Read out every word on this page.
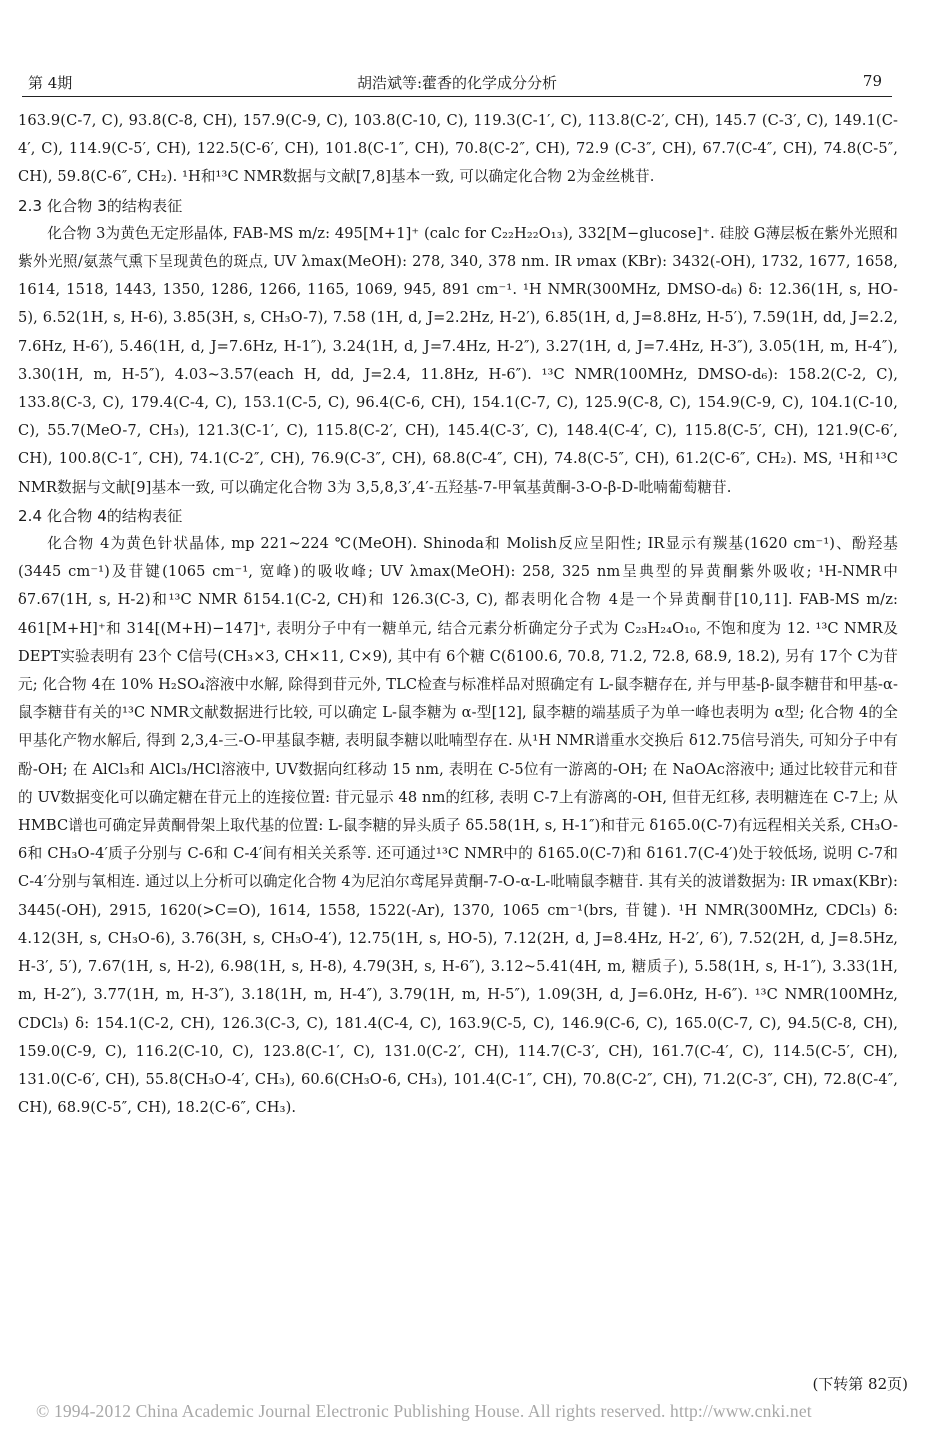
第 4期	胡浩斌等:藿香的化学成分分析	79

163.9(C-7, C), 93.8(C-8, CH), 157.9(C-9, C), 103.8(C-10, C), 119.3(C-1′, C), 113.8(C-2′, CH), 145.7 (C-3′, C), 149.1(C-4′, C), 114.9(C-5′, CH), 122.5(C-6′, CH), 101.8(C-1″, CH), 70.8(C-2″, CH), 72.9 (C-3″, CH), 67.7(C-4″, CH), 74.8(C-5″, CH), 59.8(C-6″, CH₂). ¹H和¹³C NMR数据与文献[7,8]基本一致, 可以确定化合物 2为金丝桃苷.

2.3 化合物 3的结构表征

化合物 3为黄色无定形晶体, FAB-MS m/z: 495[M+1]⁺ (calc for C₂₂H₂₂O₁₃), 332[M−glucose]⁺. 硅胶 G薄层板在紫外光照和紫外光照/氨蒸气熏下呈现黄色的斑点, UV λmax(MeOH): 278, 340, 378 nm. IR νmax (KBr): 3432(-OH), 1732, 1677, 1658, 1614, 1518, 1443, 1350, 1286, 1266, 1165, 1069, 945, 891 cm⁻¹. ¹H NMR(300MHz, DMSO-d₆) δ: 12.36(1H, s, HO-5), 6.52(1H, s, H-6), 3.85(3H, s, CH₃O-7), 7.58 (1H, d, J=2.2Hz, H-2′), 6.85(1H, d, J=8.8Hz, H-5′), 7.59(1H, dd, J=2.2, 7.6Hz, H-6′), 5.46(1H, d, J=7.6Hz, H-1″), 3.24(1H, d, J=7.4Hz, H-2″), 3.27(1H, d, J=7.4Hz, H-3″), 3.05(1H, m, H-4″), 3.30(1H, m, H-5″), 4.03~3.57(each H, dd, J=2.4, 11.8Hz, H-6″). ¹³C NMR(100MHz, DMSO-d₆): 158.2(C-2, C), 133.8(C-3, C), 179.4(C-4, C), 153.1(C-5, C), 96.4(C-6, CH), 154.1(C-7, C), 125.9(C-8, C), 154.9(C-9, C), 104.1(C-10, C), 55.7(MeO-7, CH₃), 121.3(C-1′, C), 115.8(C-2′, CH), 145.4(C-3′, C), 148.4(C-4′, C), 115.8(C-5′, CH), 121.9(C-6′, CH), 100.8(C-1″, CH), 74.1(C-2″, CH), 76.9(C-3″, CH), 68.8(C-4″, CH), 74.8(C-5″, CH), 61.2(C-6″, CH₂). MS, ¹H和¹³C NMR数据与文献[9]基本一致, 可以确定化合物 3为 3,5,8,3′,4′-五羟基-7-甲氧基黄酮-3-O-β-D-吡喃葡萄糖苷.

2.4 化合物 4的结构表征

化合物 4为黄色针状晶体, mp 221~224 ℃(MeOH). Shinoda和 Molish反应呈阳性; IR显示有羰基(1620 cm⁻¹)、酚羟基(3445 cm⁻¹)及苷键(1065 cm⁻¹, 宽峰)的吸收峰; UV λmax(MeOH): 258, 325 nm呈典型的异黄酮紫外吸收; ¹H-NMR中 δ7.67(1H, s, H-2)和¹³C NMR δ154.1(C-2, CH)和 126.3(C-3, C), 都表明化合物 4是一个异黄酮苷[10,11]. FAB-MS m/z: 461[M+H]⁺和 314[(M+H)−147]⁺, 表明分子中有一糖单元, 结合元素分析确定分子式为 C₂₃H₂₄O₁₀, 不饱和度为 12. ¹³C NMR及 DEPT实验表明有 23个 C信号(CH₃×3, CH×11, C×9), 其中有 6个糖 C(δ100.6, 70.8, 71.2, 72.8, 68.9, 18.2), 另有 17个 C为苷元; 化合物 4在 10% H₂SO₄溶液中水解, 除得到苷元外, TLC检查与标准样品对照确定有 L-鼠李糖存在, 并与甲基-β-鼠李糖苷和甲基-α-鼠李糖苷有关的¹³C NMR文献数据进行比较, 可以确定 L-鼠李糖为 α-型[12], 鼠李糖的端基质子为单一峰也表明为 α型; 化合物 4的全甲基化产物水解后, 得到 2,3,4-三-O-甲基鼠李糖, 表明鼠李糖以吡喃型存在. 从¹H NMR谱重水交换后 δ12.75信号消失, 可知分子中有酚-OH; 在 AlCl₃和 AlCl₃/HCl溶液中, UV数据向红移动 15 nm, 表明在 C-5位有一游离的-OH; 在 NaOAc溶液中; 通过比较苷元和苷的 UV数据变化可以确定糖在苷元上的连接位置: 苷元显示 48 nm的红移, 表明 C-7上有游离的-OH, 但苷无红移, 表明糖连在 C-7上; 从 HMBC谱也可确定异黄酮骨架上取代基的位置: L-鼠李糖的异头质子 δ5.58(1H, s, H-1″)和苷元 δ165.0(C-7)有远程相关关系, CH₃O-6和 CH₃O-4′质子分别与 C-6和 C-4′间有相关关系等. 还可通过¹³C NMR中的 δ165.0(C-7)和 δ161.7(C-4′)处于较低场, 说明 C-7和 C-4′分别与氧相连. 通过以上分析可以确定化合物 4为尼泊尔鸢尾异黄酮-7-O-α-L-吡喃鼠李糖苷. 其有关的波谱数据为: IR νmax(KBr): 3445(-OH), 2915, 1620(>C=O), 1614, 1558, 1522(-Ar), 1370, 1065 cm⁻¹(brs, 苷键). ¹H NMR(300MHz, CDCl₃) δ: 4.12(3H, s, CH₃O-6), 3.76(3H, s, CH₃O-4′), 12.75(1H, s, HO-5), 7.12(2H, d, J=8.4Hz, H-2′, 6′), 7.52(2H, d, J=8.5Hz, H-3′, 5′), 7.67(1H, s, H-2), 6.98(1H, s, H-8), 4.79(3H, s, H-6″), 3.12~5.41(4H, m, 糖质子), 5.58(1H, s, H-1″), 3.33(1H, m, H-2″), 3.77(1H, m, H-3″), 3.18(1H, m, H-4″), 3.79(1H, m, H-5″), 1.09(3H, d, J=6.0Hz, H-6″). ¹³C NMR(100MHz, CDCl₃) δ: 154.1(C-2, CH), 126.3(C-3, C), 181.4(C-4, C), 163.9(C-5, C), 146.9(C-6, C), 165.0(C-7, C), 94.5(C-8, CH), 159.0(C-9, C), 116.2(C-10, C), 123.8(C-1′, C), 131.0(C-2′, CH), 114.7(C-3′, CH), 161.7(C-4′, C), 114.5(C-5′, CH), 131.0(C-6′, CH), 55.8(CH₃O-4′, CH₃), 60.6(CH₃O-6, CH₃), 101.4(C-1″, CH), 70.8(C-2″, CH), 71.2(C-3″, CH), 72.8(C-4″, CH), 68.9(C-5″, CH), 18.2(C-6″, CH₃).

(下转第 82页)
© 1994-2012 China Academic Journal Electronic Publishing House. All rights reserved. http://www.cnki.net
